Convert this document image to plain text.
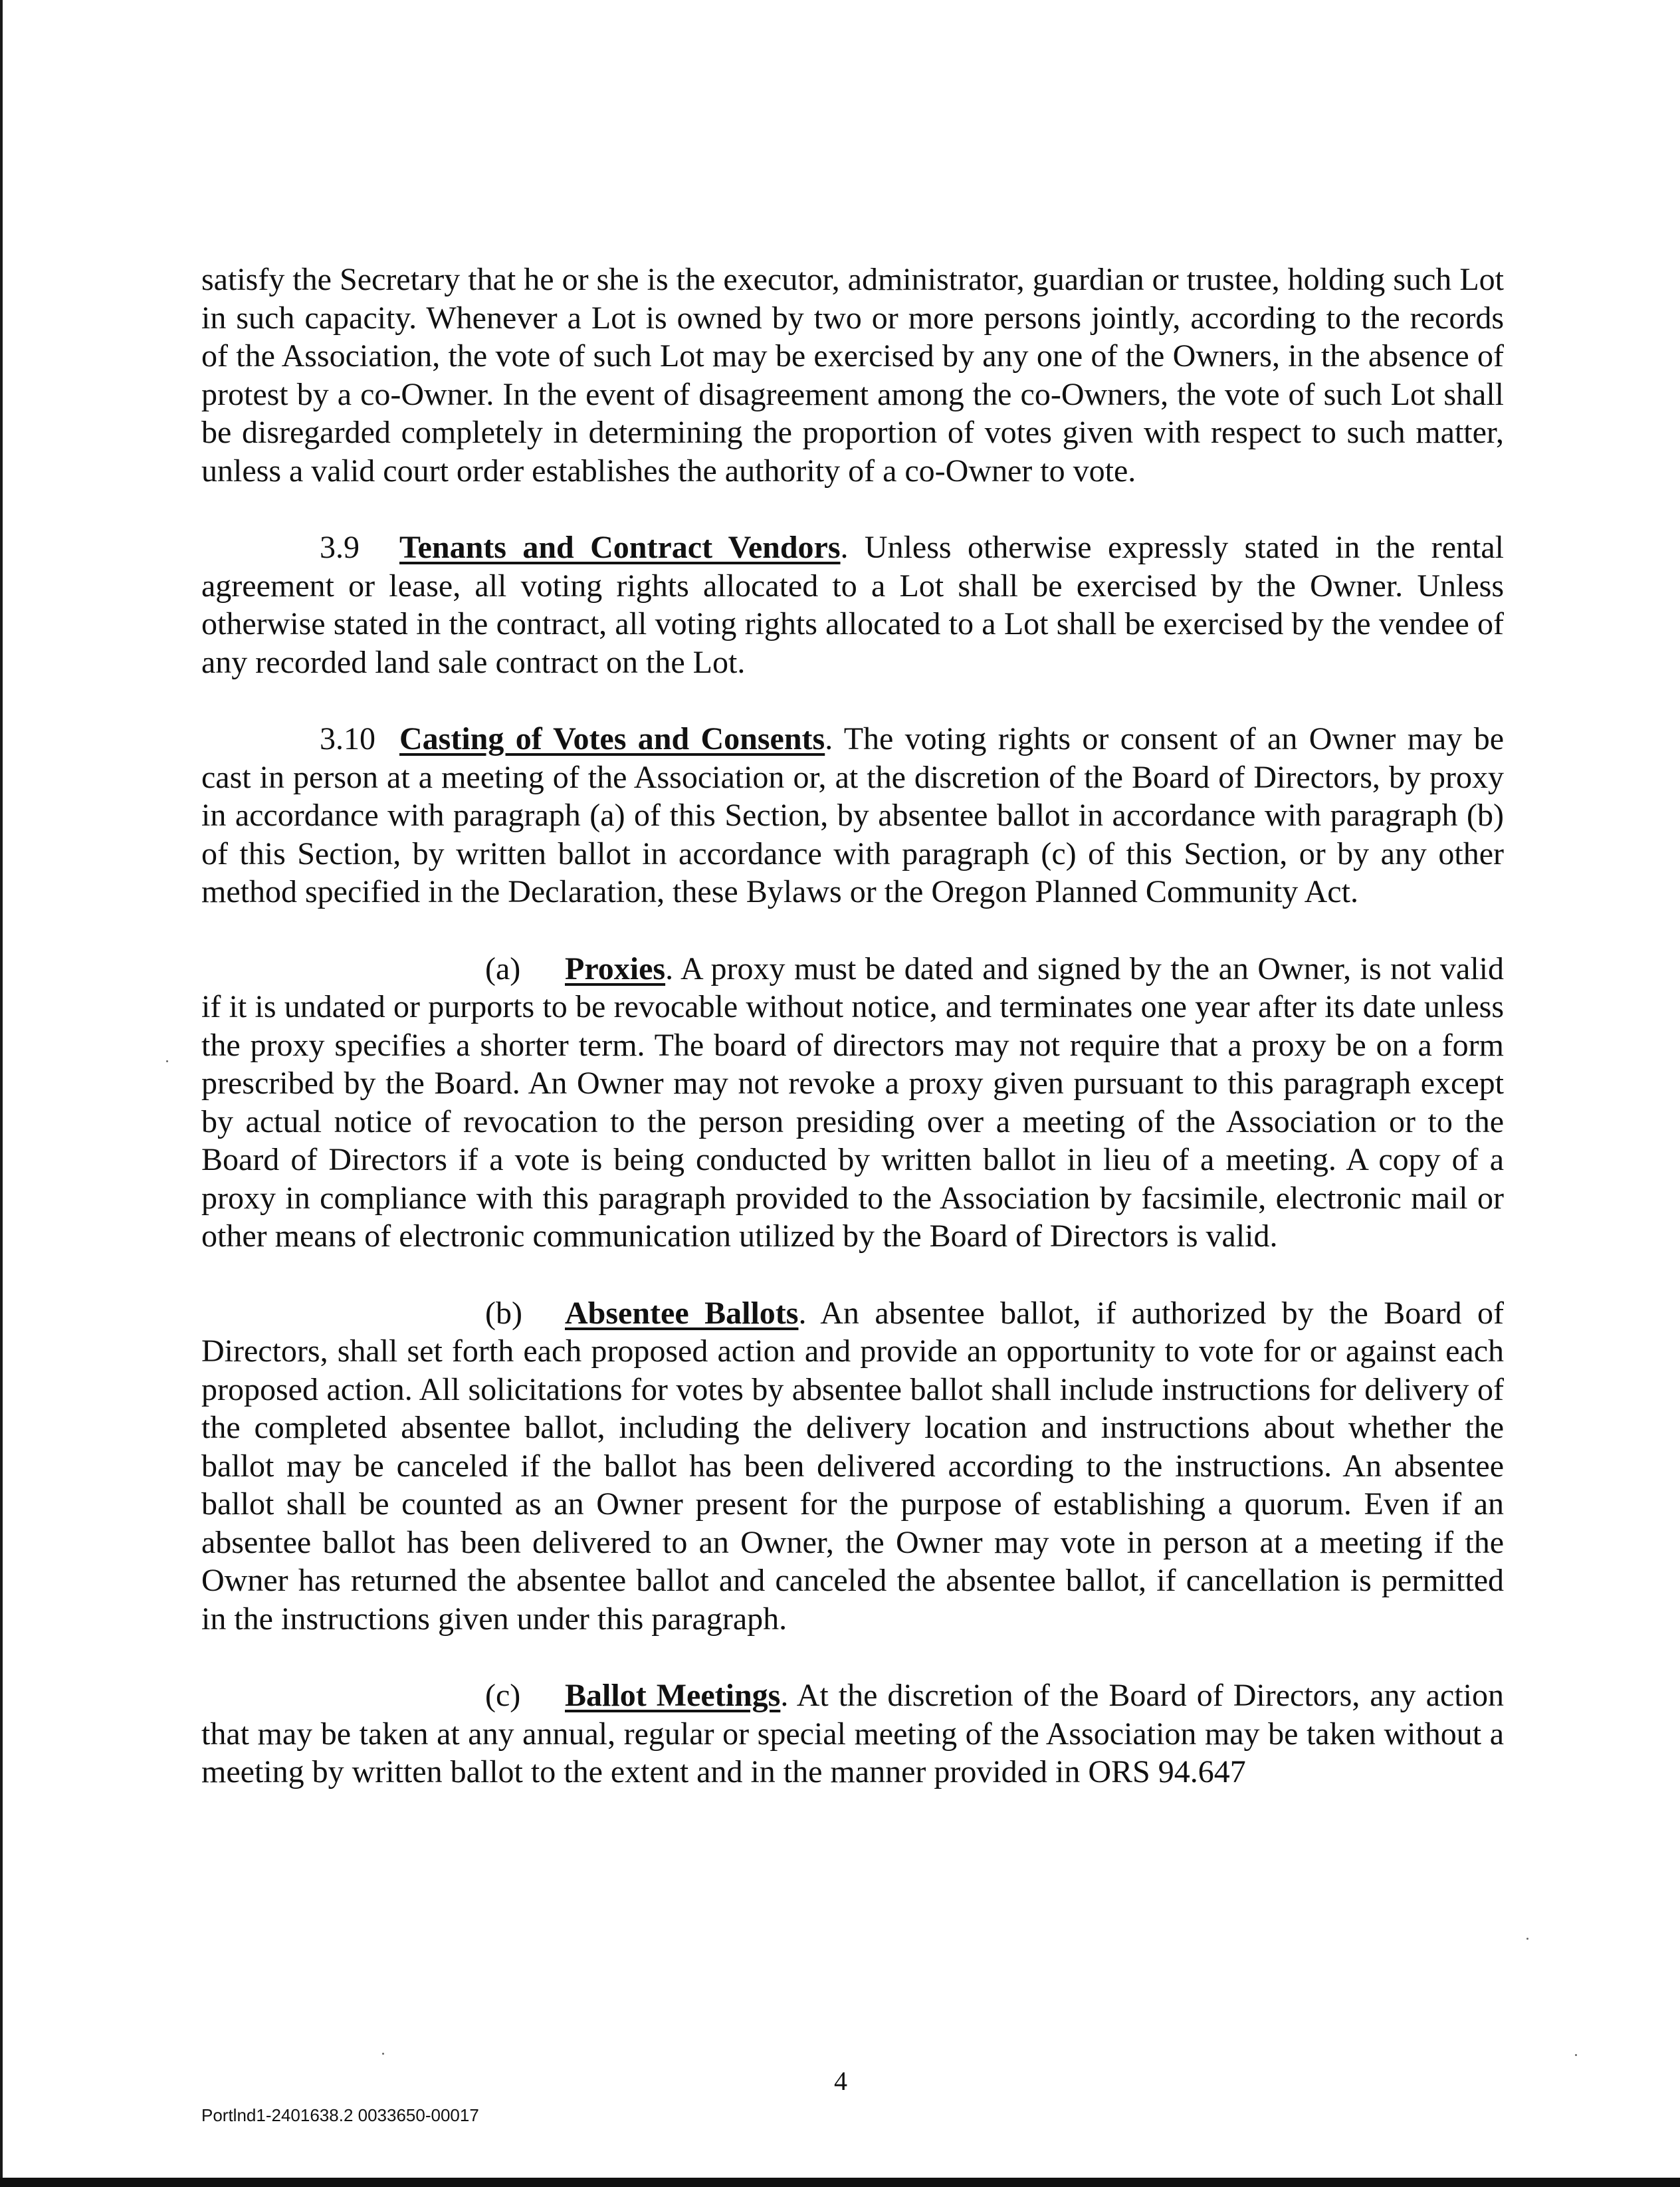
satisfy the Secretary that he or she is the executor, administrator, guardian or trustee, holding such Lot in such capacity. Whenever a Lot is owned by two or more persons jointly, according to the records of the Association, the vote of such Lot may be exercised by any one of the Owners, in the absence of protest by a co-Owner. In the event of disagreement among the co-Owners, the vote of such Lot shall be disregarded completely in determining the proportion of votes given with respect to such matter, unless a valid court order establishes the authority of a co-Owner to vote.

3.9 Tenants and Contract Vendors. Unless otherwise expressly stated in the rental agreement or lease, all voting rights allocated to a Lot shall be exercised by the Owner. Unless otherwise stated in the contract, all voting rights allocated to a Lot shall be exercised by the vendee of any recorded land sale contract on the Lot.

3.10 Casting of Votes and Consents. The voting rights or consent of an Owner may be cast in person at a meeting of the Association or, at the discretion of the Board of Directors, by proxy in accordance with paragraph (a) of this Section, by absentee ballot in accordance with paragraph (b) of this Section, by written ballot in accordance with paragraph (c) of this Section, or by any other method specified in the Declaration, these Bylaws or the Oregon Planned Community Act.

(a) Proxies. A proxy must be dated and signed by the an Owner, is not valid if it is undated or purports to be revocable without notice, and terminates one year after its date unless the proxy specifies a shorter term. The board of directors may not require that a proxy be on a form prescribed by the Board. An Owner may not revoke a proxy given pursuant to this paragraph except by actual notice of revocation to the person presiding over a meeting of the Association or to the Board of Directors if a vote is being conducted by written ballot in lieu of a meeting. A copy of a proxy in compliance with this paragraph provided to the Association by facsimile, electronic mail or other means of electronic communication utilized by the Board of Directors is valid.

(b) Absentee Ballots. An absentee ballot, if authorized by the Board of Directors, shall set forth each proposed action and provide an opportunity to vote for or against each proposed action. All solicitations for votes by absentee ballot shall include instructions for delivery of the completed absentee ballot, including the delivery location and instructions about whether the ballot may be canceled if the ballot has been delivered according to the instructions. An absentee ballot shall be counted as an Owner present for the purpose of establishing a quorum. Even if an absentee ballot has been delivered to an Owner, the Owner may vote in person at a meeting if the Owner has returned the absentee ballot and canceled the absentee ballot, if cancellation is permitted in the instructions given under this paragraph.

(c) Ballot Meetings. At the discretion of the Board of Directors, any action that may be taken at any annual, regular or special meeting of the Association may be taken without a meeting by written ballot to the extent and in the manner provided in ORS 94.647

4
Portlnd1-2401638.2 0033650-00017
